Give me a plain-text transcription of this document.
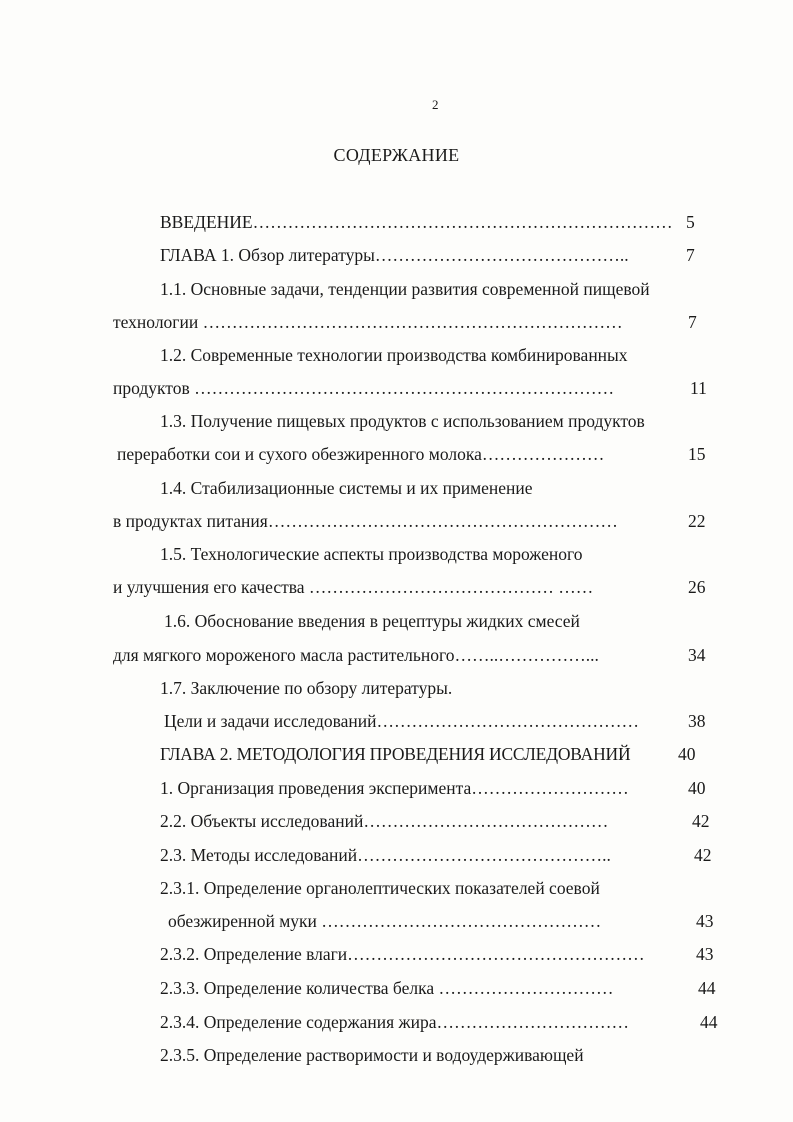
2
СОДЕРЖАНИЕ
ВВЕДЕНИЕ……………………………………………………………… 5
ГЛАВА 1. Обзор литературы……………………………………..	7
1.1. Основные задачи, тенденции развития современной пищевой
технологии ………………………………………………………………	7
1.2. Современные технологии производства комбинированных
продуктов ………………………………………………………………	11
1.3. Получение пищевых продуктов с использованием продуктов
переработки сои и сухого обезжиренного молока…………………	15
1.4. Стабилизационные системы и их применение
в продуктах питания……………………………………………………	22
1.5. Технологические аспекты производства мороженого
и улучшения его качества …………………………………… ……	26
1.6. Обоснование введения в рецептуры жидких смесей
для мягкого мороженого масла растительного……..……………...	34
1.7. Заключение по обзору литературы.
Цели и задачи исследований………………………………………	38
ГЛАВА 2. МЕТОДОЛОГИЯ ПРОВЕДЕНИЯ ИССЛЕДОВАНИЙ	40
1. Организация проведения эксперимента………………………	40
2.2. Объекты исследований……………………………………	42
2.3. Методы исследований……………………………………..	42
2.3.1. Определение органолептических показателей соевой
обезжиренной муки …………………………………………	43
2.3.2. Определение влаги……………………………………………	43
2.3.3. Определение количества белка …………………………	44
2.3.4. Определение содержания жира……………………………	44
2.3.5. Определение растворимости и водоудерживающей
